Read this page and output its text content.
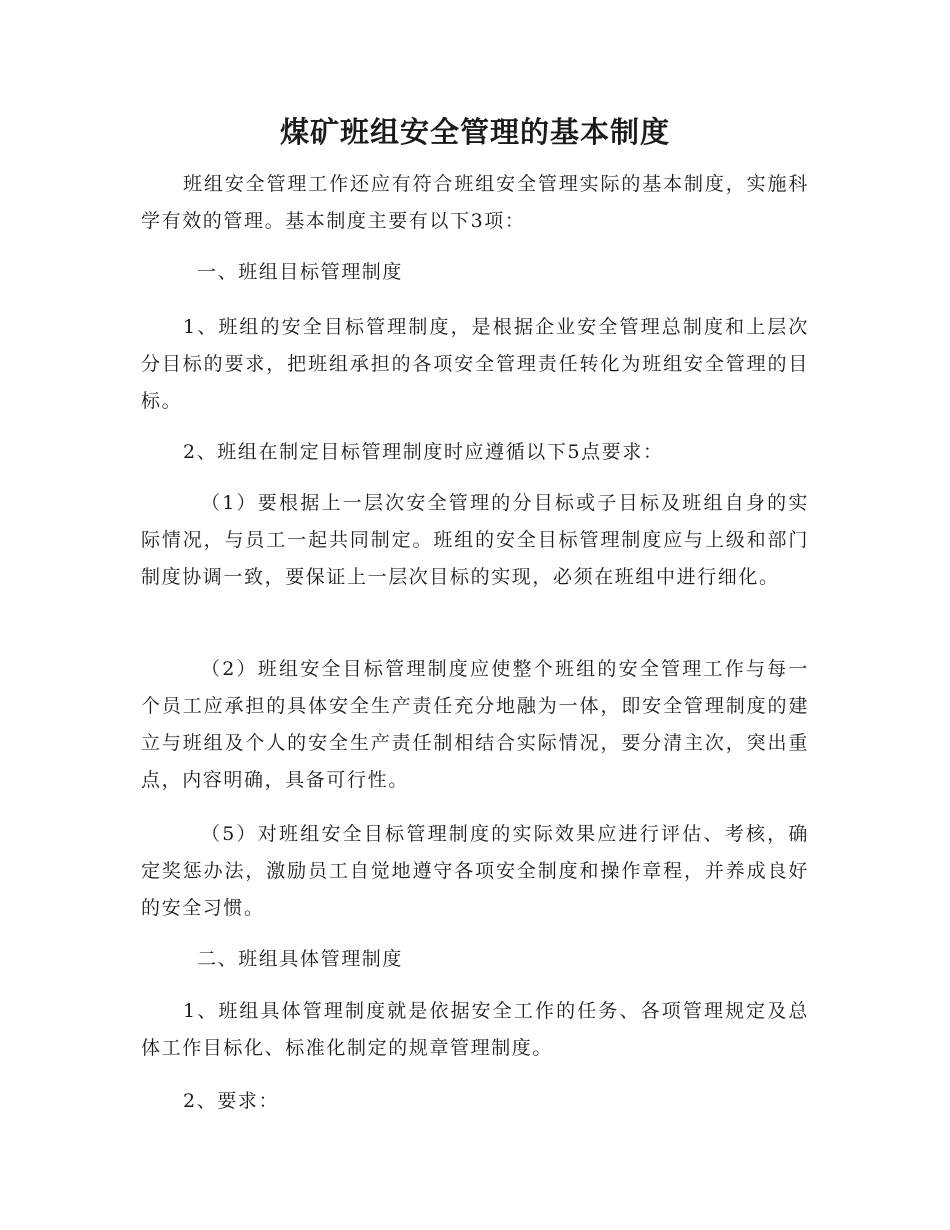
煤矿班组安全管理的基本制度

班组安全管理工作还应有符合班组安全管理实际的基本制度，实施科学有效的管理。基本制度主要有以下3项：

一、班组目标管理制度

1、班组的安全目标管理制度，是根据企业安全管理总制度和上层次分目标的要求，把班组承担的各项安全管理责任转化为班组安全管理的目标。

2、班组在制定目标管理制度时应遵循以下5点要求：

（1）要根据上一层次安全管理的分目标或子目标及班组自身的实际情况，与员工一起共同制定。班组的安全目标管理制度应与上级和部门制度协调一致，要保证上一层次目标的实现，必须在班组中进行细化。

（2）班组安全目标管理制度应使整个班组的安全管理工作与每一个员工应承担的具体安全生产责任充分地融为一体，即安全管理制度的建立与班组及个人的安全生产责任制相结合实际情况，要分清主次，突出重点，内容明确，具备可行性。

（5）对班组安全目标管理制度的实际效果应进行评估、考核，确定奖惩办法，激励员工自觉地遵守各项安全制度和操作章程，并养成良好的安全习惯。

二、班组具体管理制度

1、班组具体管理制度就是依据安全工作的任务、各项管理规定及总体工作目标化、标准化制定的规章管理制度。

2、要求：
